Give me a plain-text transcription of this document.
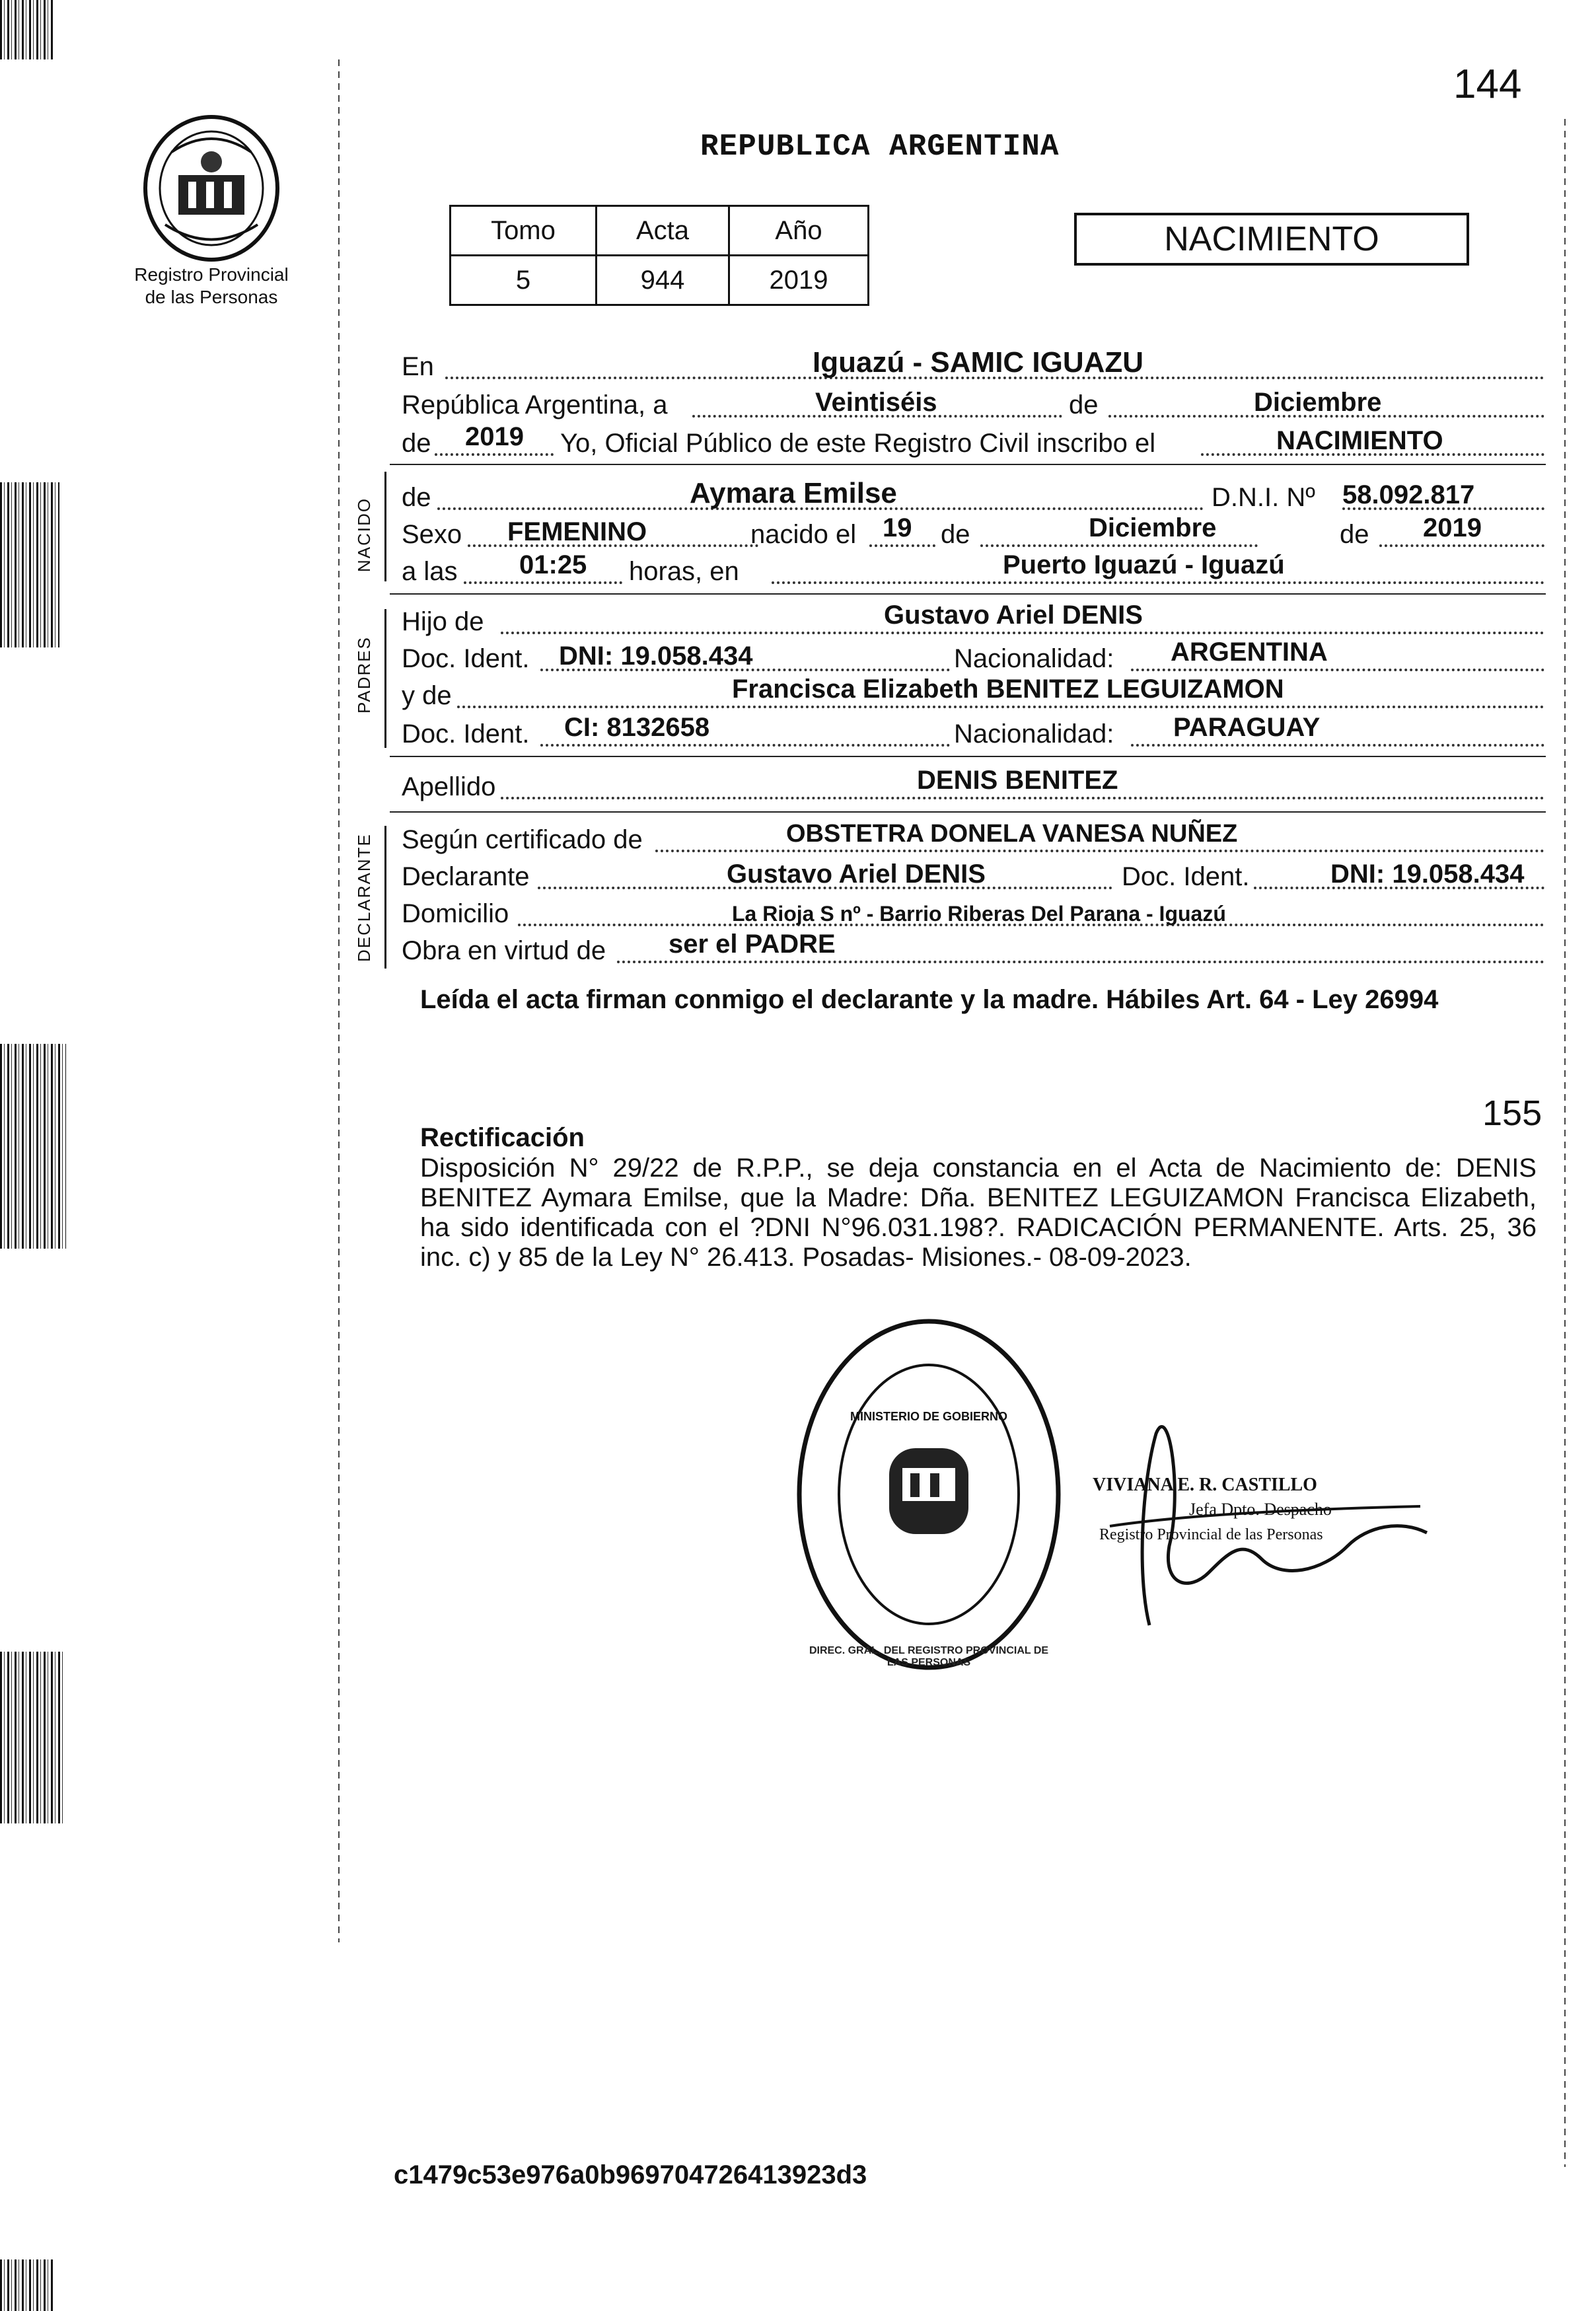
144
Registro Provincial
de las Personas
REPUBLICA ARGENTINA
Tomo	Acta	Año
5	944	2019
NACIMIENTO
En	Iguazú - SAMIC IGUAZU
República Argentina, a	Veintiséis	de	Diciembre
de 2019 Yo, Oficial Público de este Registro Civil inscribo el	NACIMIENTO
NACIDO de	Aymara Emilse	D.N.I. Nº 58.092.817
Sexo FEMENINO	nacido el 19 de	Diciembre	de 2019
a las 01:25 horas, en	Puerto Iguazú - Iguazú
PADRES
Hijo de	Gustavo Ariel DENIS
Doc. Ident. DNI: 19.058.434	Nacionalidad: ARGENTINA
y de	Francisca Elizabeth BENITEZ LEGUIZAMON
Doc. Ident. CI: 8132658	Nacionalidad: PARAGUAY
Apellido	DENIS BENITEZ
DECLARANTE Según certificado de	OBSTETRA DONELA VANESA NUÑEZ
Declarante	Gustavo Ariel DENIS	Doc. Ident.	DNI: 19.058.434
Domicilio	La Rioja S nº - Barrio Riberas Del Parana - Iguazú
Obra en virtud de ser el PADRE
Leída el acta firman conmigo el declarante y la madre. Hábiles Art. 64 - Ley 26994
155
Rectificación
Disposición N° 29/22 de R.P.P., se deja constancia en el Acta de Nacimiento de: DENIS BENITEZ Aymara Emilse, que la Madre: Dña. BENITEZ LEGUIZAMON Francisca Elizabeth, ha sido identificada con el ?DNI N°96.031.198?. RADICACIÓN PERMANENTE. Arts. 25, 36 inc. c) y 85 de la Ley N° 26.413. Posadas- Misiones.- 08-09-2023.
DIREC. GRAL. DEL REGISTRO PROVINCIAL DE LAS PERSONAS
MINISTERIO DE GOBIERNO
VIVIANA E. R. CASTILLO
Jefa Dpto. Despacho
Registro Provincial de las Personas
c1479c53e976a0b969704726413923d3
